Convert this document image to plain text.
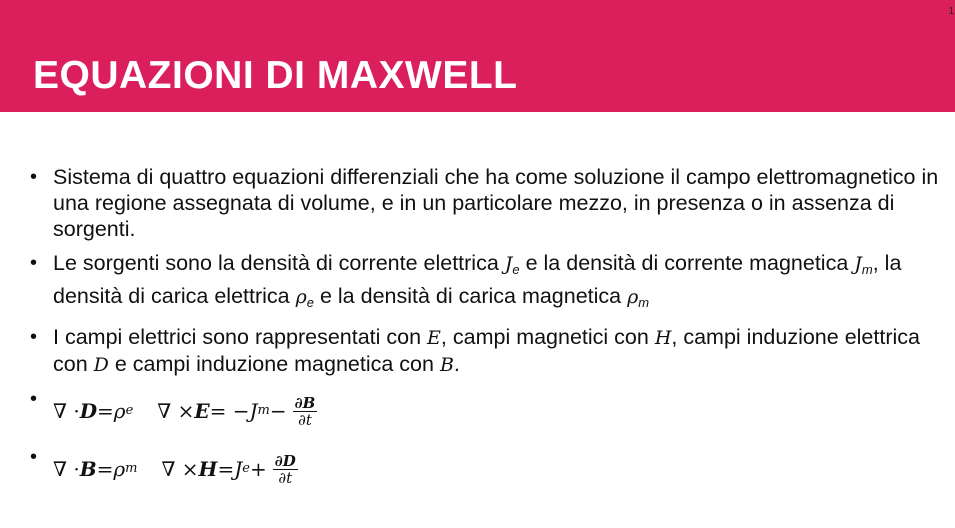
1
EQUAZIONI DI MAXWELL
• Sistema di quattro equazioni differenziali che ha come soluzione il campo elettromagnetico in una regione assegnata di volume, e in un particolare mezzo, in presenza o in assenza di sorgenti.
• Le sorgenti sono la densità di corrente elettrica $J_e$ e la densità di corrente magnetica $J_m$, la densità di carica elettrica $\rho_e$ e la densità di carica magnetica $\rho_m$
• I campi elettrici sono rappresentati con E, campi magnetici con H, campi induzione elettrica con D e campi induzione magnetica con B.
• ∇ · D = ρ e ∇ × E = − J $m - \frac{\partial B}{\partial t}$
• ∇ · B = ρ m ∇ × H = J $e + \frac{\partial D}{\partial t}$
